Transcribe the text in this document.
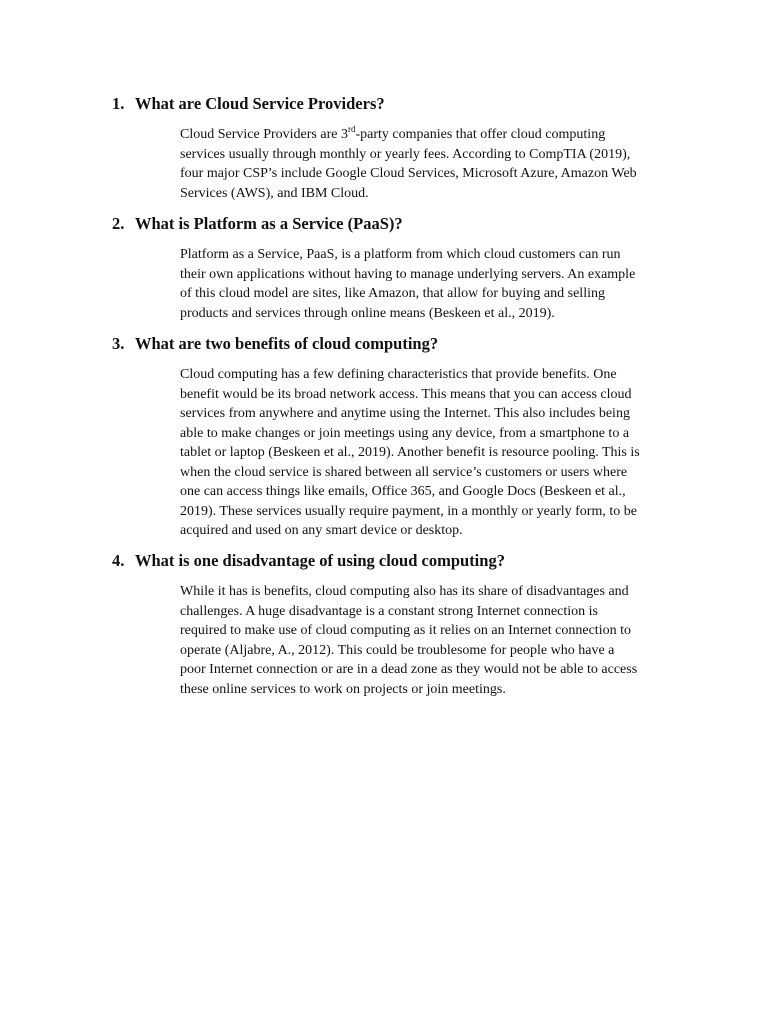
1. What are Cloud Service Providers?
Cloud Service Providers are 3rd-party companies that offer cloud computing
services usually through monthly or yearly fees. According to CompTIA (2019),
four major CSP’s include Google Cloud Services, Microsoft Azure, Amazon Web
Services (AWS), and IBM Cloud.
2. What is Platform as a Service (PaaS)?
Platform as a Service, PaaS, is a platform from which cloud customers can run
their own applications without having to manage underlying servers. An example
of this cloud model are sites, like Amazon, that allow for buying and selling
products and services through online means (Beskeen et al., 2019).
3. What are two benefits of cloud computing?
Cloud computing has a few defining characteristics that provide benefits. One
benefit would be its broad network access. This means that you can access cloud
services from anywhere and anytime using the Internet. This also includes being
able to make changes or join meetings using any device, from a smartphone to a
tablet or laptop (Beskeen et al., 2019). Another benefit is resource pooling. This is
when the cloud service is shared between all service’s customers or users where
one can access things like emails, Office 365, and Google Docs (Beskeen et al.,
2019). These services usually require payment, in a monthly or yearly form, to be
acquired and used on any smart device or desktop.
4. What is one disadvantage of using cloud computing?
While it has is benefits, cloud computing also has its share of disadvantages and
challenges. A huge disadvantage is a constant strong Internet connection is
required to make use of cloud computing as it relies on an Internet connection to
operate (Aljabre, A., 2012). This could be troublesome for people who have a
poor Internet connection or are in a dead zone as they would not be able to access
these online services to work on projects or join meetings.
